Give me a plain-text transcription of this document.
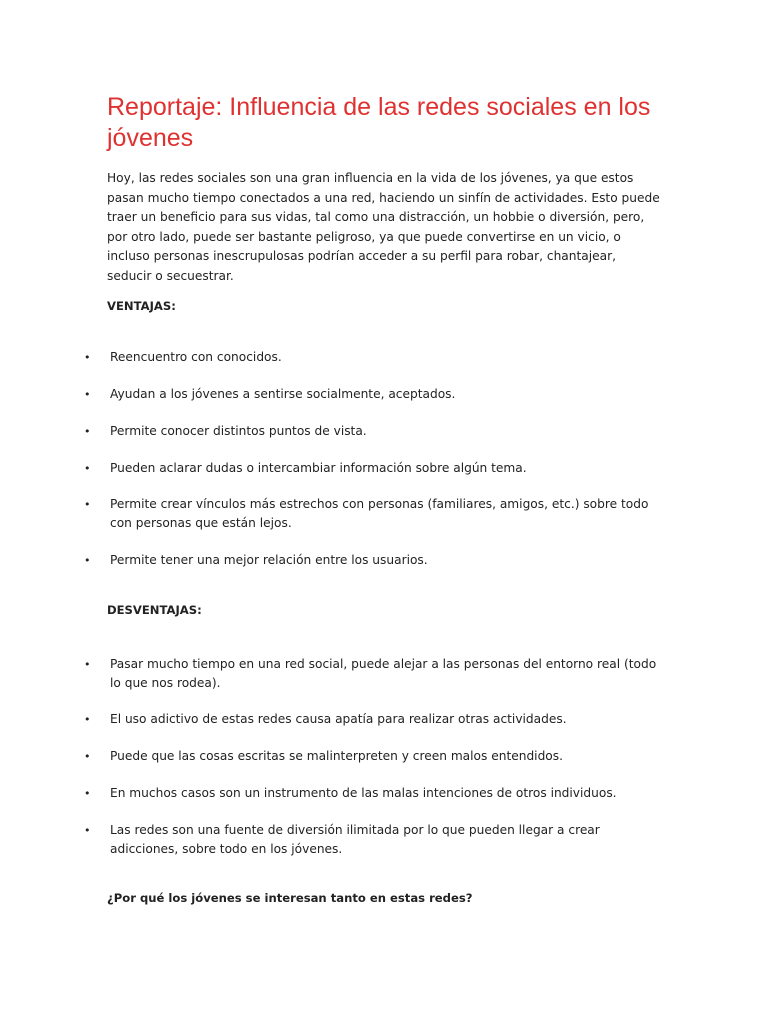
Reportaje: Influencia de las redes sociales en los jóvenes

Hoy, las redes sociales son una gran influencia en la vida de los jóvenes, ya que estos pasan mucho tiempo conectados a una red, haciendo un sinfín de actividades. Esto puede traer un beneficio para sus vidas, tal como una distracción, un hobbie o diversión, pero, por otro lado, puede ser bastante peligroso, ya que puede convertirse en un vicio, o incluso personas inescrupulosas podrían acceder a su perfil para robar, chantajear, seducir o secuestrar.

VENTAJAS:

• Reencuentro con conocidos.

• Ayudan a los jóvenes a sentirse socialmente, aceptados.

• Permite conocer distintos puntos de vista.

• Pueden aclarar dudas o intercambiar información sobre algún tema.

• Permite crear vínculos más estrechos con personas (familiares, amigos, etc.) sobre todo con personas que están lejos.

• Permite tener una mejor relación entre los usuarios.

DESVENTAJAS:

• Pasar mucho tiempo en una red social, puede alejar a las personas del entorno real (todo lo que nos rodea).

• El uso adictivo de estas redes causa apatía para realizar otras actividades.

• Puede que las cosas escritas se malinterpreten y creen malos entendidos.

• En muchos casos son un instrumento de las malas intenciones de otros individuos.

• Las redes son una fuente de diversión ilimitada por lo que pueden llegar a crear adicciones, sobre todo en los jóvenes.

¿Por qué los jóvenes se interesan tanto en estas redes?
